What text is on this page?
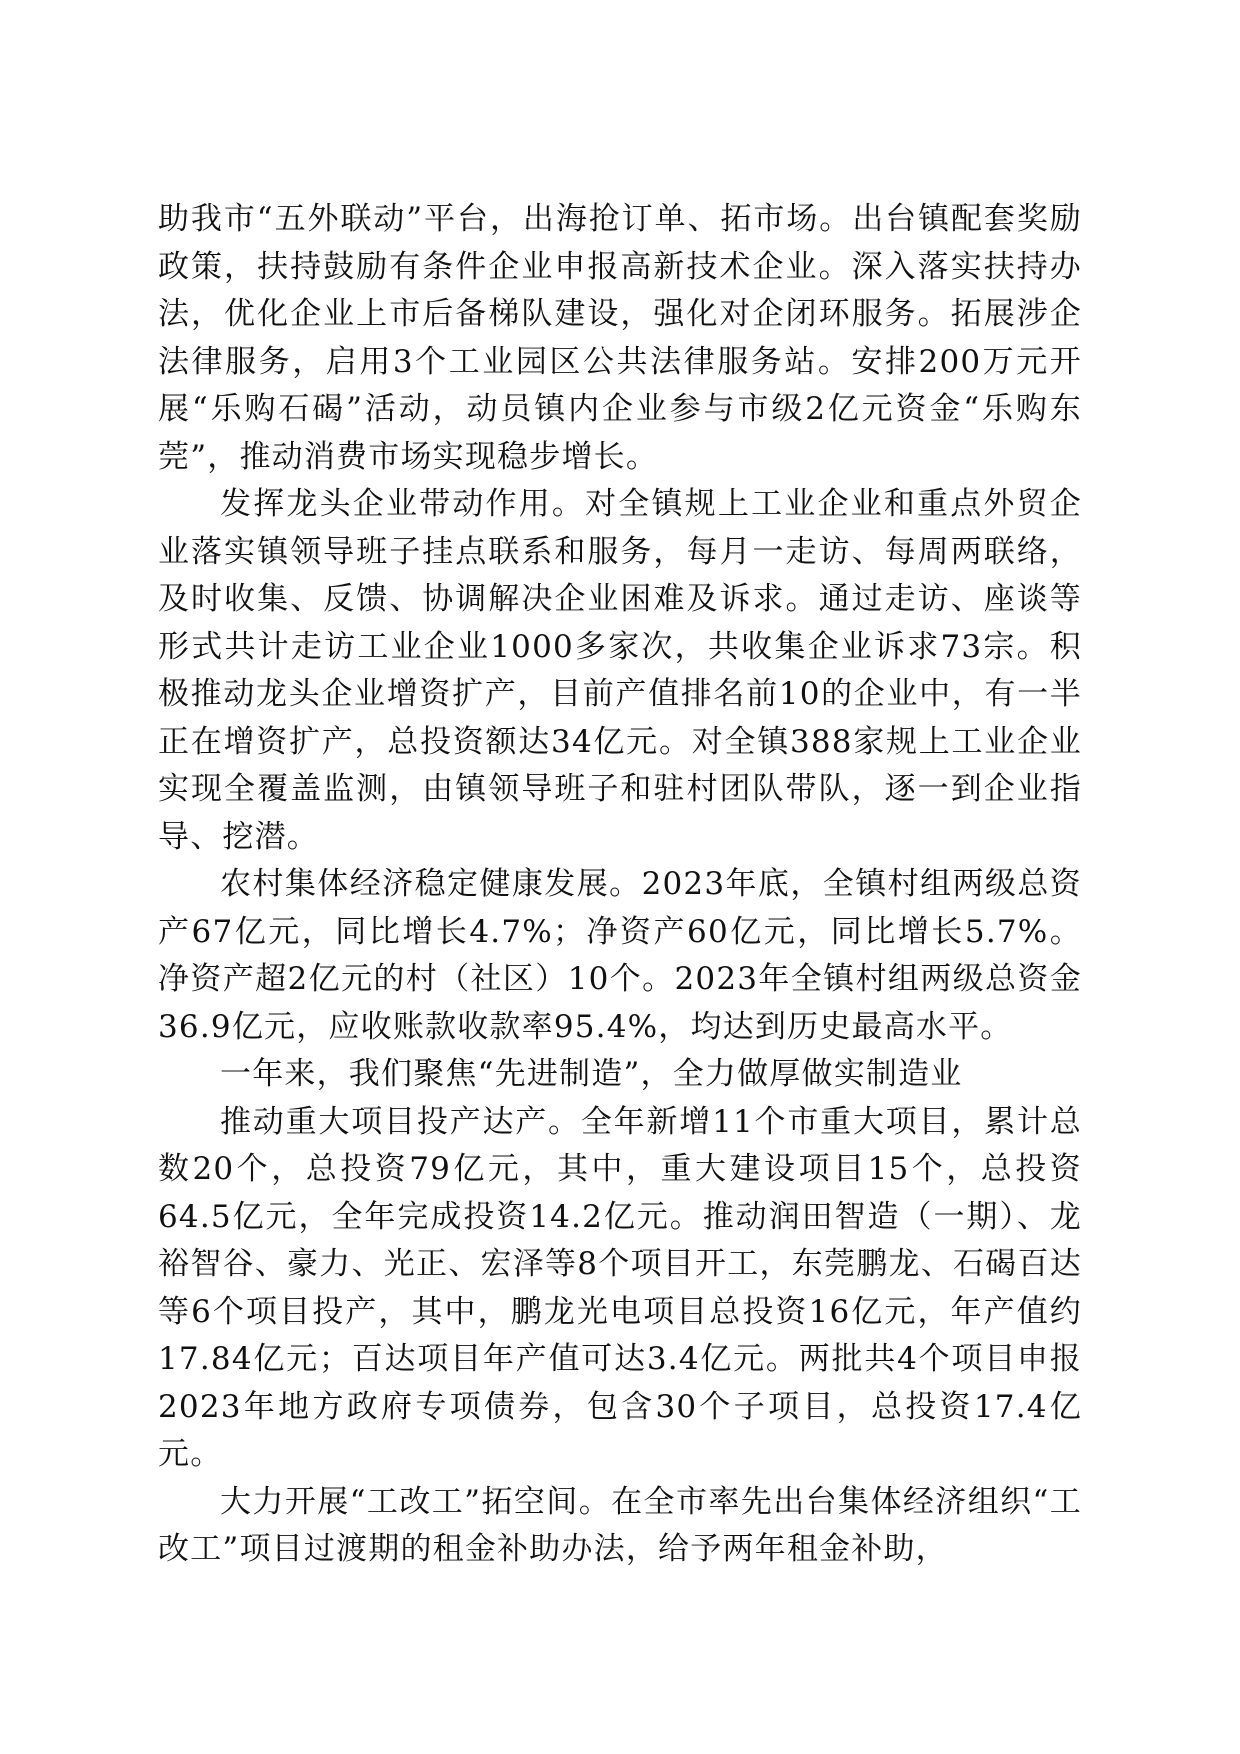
助我市“五外联动”平台，出海抢订单、拓市场。出台镇配套奖励政策，扶持鼓励有条件企业申报高新技术企业。深入落实扶持办法，优化企业上市后备梯队建设，强化对企闭环服务。拓展涉企法律服务，启用3个工业园区公共法律服务站。安排200万元开展“乐购石碣”活动，动员镇内企业参与市级2亿元资金“乐购东莞”，推动消费市场实现稳步增长。

发挥龙头企业带动作用。对全镇规上工业企业和重点外贸企业落实镇领导班子挂点联系和服务，每月一走访、每周两联络，及时收集、反馈、协调解决企业困难及诉求。通过走访、座谈等形式共计走访工业企业1000多家次，共收集企业诉求73宗。积极推动龙头企业增资扩产，目前产值排名前10的企业中，有一半正在增资扩产，总投资额达34亿元。对全镇388家规上工业企业实现全覆盖监测，由镇领导班子和驻村团队带队，逐一到企业指导、挖潜。

农村集体经济稳定健康发展。2023年底，全镇村组两级总资产67亿元，同比增长4.7%；净资产60亿元，同比增长5.7%。净资产超2亿元的村（社区）10个。2023年全镇村组两级总资金36.9亿元，应收账款收款率95.4%，均达到历史最高水平。

一年来，我们聚焦“先进制造”，全力做厚做实制造业

推动重大项目投产达产。全年新增11个市重大项目，累计总数20个，总投资79亿元，其中，重大建设项目15个，总投资64.5亿元，全年完成投资14.2亿元。推动润田智造（一期）、龙裕智谷、豪力、光正、宏泽等8个项目开工，东莞鹏龙、石碣百达等6个项目投产，其中，鹏龙光电项目总投资16亿元，年产值约17.84亿元；百达项目年产值可达3.4亿元。两批共4个项目申报2023年地方政府专项债券，包含30个子项目，总投资17.4亿元。

大力开展“工改工”拓空间。在全市率先出台集体经济组织“工改工”项目过渡期的租金补助办法，给予两年租金补助，
